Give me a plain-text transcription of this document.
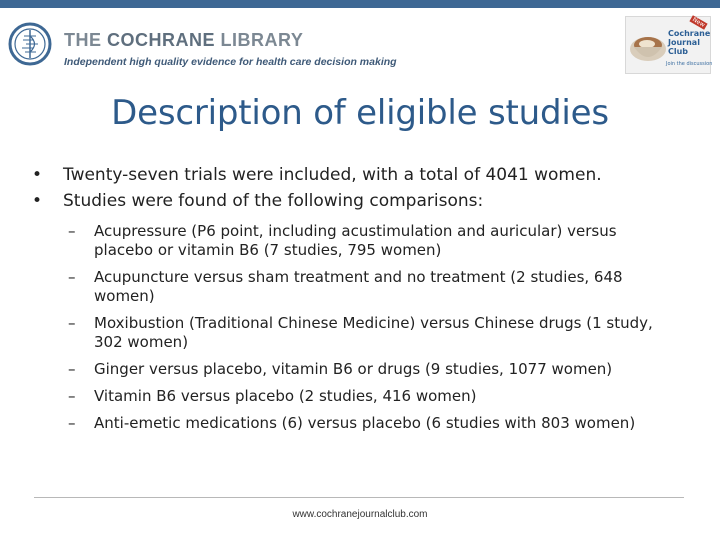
THE COCHRANE LIBRARY
Independent high quality evidence for health care decision making
New
Cochrane
Journal
Club
Join the discussion
Description of eligible studies
• Twenty-seven trials were included, with a total of 4041 women.
• Studies were found of the following comparisons:
– Acupressure (P6 point, including acustimulation and auricular) versus placebo or vitamin B6 (7 studies, 795 women)
– Acupuncture versus sham treatment and no treatment (2 studies, 648 women)
– Moxibustion (Traditional Chinese Medicine) versus Chinese drugs (1 study, 302 women)
– Ginger versus placebo, vitamin B6 or drugs (9 studies, 1077 women)
– Vitamin B6 versus placebo (2 studies, 416 women)
– Anti-emetic medications (6) versus placebo (6 studies with 803 women)
www.cochranejournalclub.com
